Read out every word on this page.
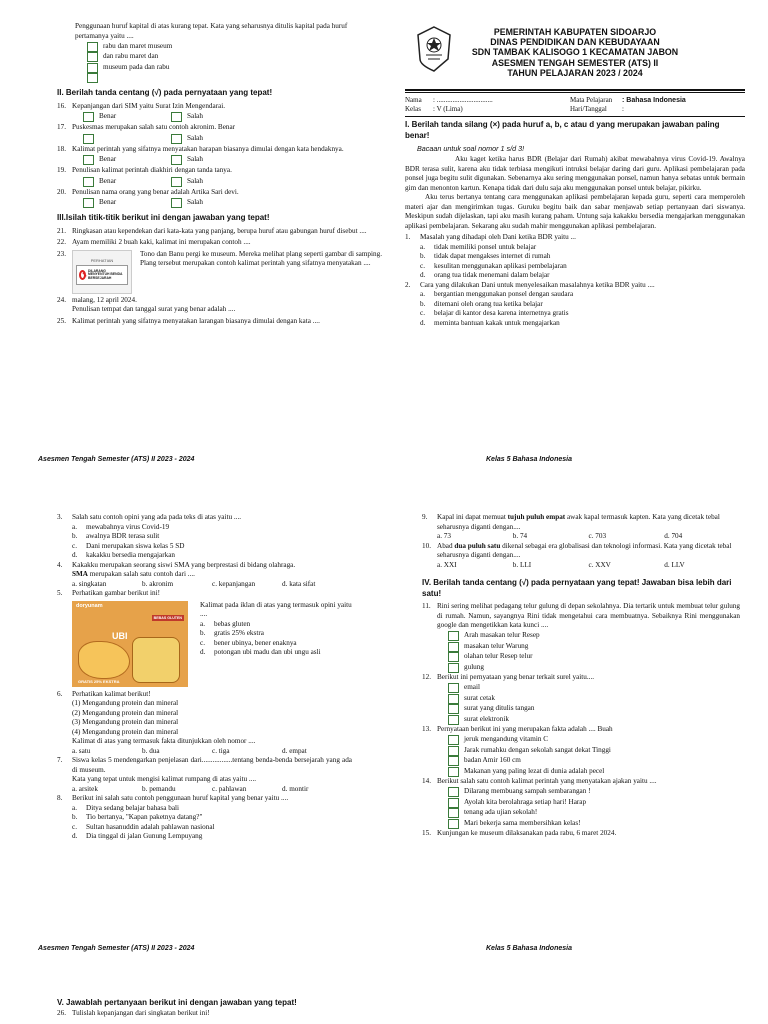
Penggunaan huruf kapital di atas kurang tepat. Kata yang seharusnya ditulis kapital pada huruf pertamanya yaitu ....

rabu dan maret museum
dan rabu maret dan
museum pada dan rabu
II. Berilah tanda centang (√) pada pernyataan yang tepat!
16. Kepanjangan dari SIM yaitu Surat Izin Mengendarai.
Benar	Salah
17. Puskesmas merupakan salah satu contoh akronim. Benar
Salah
18. Kalimat perintah yang sifatnya menyatakan harapan biasanya dimulai dengan kata hendaknya.
Benar	Salah
19. Penulisan kalimat perintah diakhiri dengan tanda tanya.
Benar	Salah
20. Penulisan nama orang yang benar adalah Artika Sari devi.
Benar	Salah
III.Isilah titik-titik berikut ini dengan jawaban yang tepat!
21. Ringkasan atau kependekan dari kata-kata yang panjang, berupa huruf atau gabungan huruf disebut ....
22. Ayam memiliki 2 buah kaki, kalimat ini merupakan contoh ....
23.
PERHATIAN
DILARANG MENYENTUH BENDA BERSEJARAH
Tono dan Banu pergi ke museum. Mereka melihat plang seperti gambar di samping. Plang tersebut merupakan contoh kalimat perintah yang sifatnya menyatakan ....
24. malang, 12 april 2024.
Penulisan tempat dan tanggal surat yang benar adalah ....
25. Kalimat perintah yang sifatnya menyatakan larangan biasanya dimulai dengan kata ....
PEMERINTAH KABUPATEN SIDOARJO
DINAS PENDIDIKAN DAN KEBUDAYAAN
SDN TAMBAK KALISOGO 1 KECAMATAN JABON
ASESMEN TENGAH SEMESTER (ATS) II
TAHUN PELAJARAN 2023 / 2024
Nama	: ................................
Kelas	: V (Lima)
Mata Pelajaran	: Bahasa Indonesia
Hari/Tanggal	:
I. Berilah tanda silang (×) pada huruf a, b, c atau d yang merupakan jawaban paling benar!
Bacaan untuk soal nomor 1 s/d 3!

Aku kaget ketika harus BDR (Belajar dari Rumah) akibat mewabahnya virus Covid-19. Awalnya BDR terasa sulit, karena aku tidak terbiasa mengikuti intruksi belajar daring dari guru. Aplikasi pembelajaran pada ponsel juga begitu sulit digunakan. Sebenarnya aku sering menggunakan ponsel, namun hanya sebatas untuk bermain gim dan menonton kartun. Kenapa tidak dari dulu saja aku menggunakan ponsel untuk belajar, pikirku.

Aku terus bertanya tentang cara menggunakan aplikasi pembelajaran kepada guru, seperti cara memperoleh materi ajar dan mengirimkan tugas. Guruku begitu baik dan sabar menjawab setiap pertanyaan dari siswanya. Meskipun sudah dijelaskan, tapi aku masih kurang paham. Untung saja kakakku bersedia mengajarkan menggunakan aplikasi pembelajaran. Sekarang aku sudah mahir menggunakan aplikasi pembelajaran.

1.	Masalah yang dihadapi oleh Dani ketika BDR yaitu ...
a.	tidak memiliki ponsel untuk belajar
b.	tidak dapat mengakses internet di rumah
c.	kesulitan menggunakan aplikasi pembelajaran
d.	orang tua tidak menemani dalam belajar
2.	Cara yang dilakukan Dani untuk menyelesaikan masalahnya ketika BDR yaitu ....
a.	bergantian menggunakan ponsel dengan saudara
b.	ditemani oleh orang tua ketika belajar
c.	belajar di kantor desa karena internetnya gratis
d.	meminta bantuan kakak untuk mengajarkan
Asesmen Tengah Semester (ATS) II 2023 - 2024	Kelas 5 Bahasa Indonesia
3.	Salah satu contoh opini yang ada pada teks di atas yaitu ....
a.	mewabahnya virus Covid-19
b.	awalnya BDR terasa sulit
c.	Dani merupakan siswa kelas 5 SD
d.	kakakku bersedia mengajarkan
4.	Kakakku merupakan seorang siswi SMA yang berprestasi di bidang olahraga.
SMA merupakan salah satu contoh dari ....
a. singkatan	b. akronim	c. kepanjangan	d. kata sifat
5.	Perhatikan gambar berikut ini!
doryunam
BEBAS GLUTEN
UBI
GRATIS 25% EKSTRA
Kalimat pada iklan di atas yang termasuk opini yaitu ....
a.	bebas gluten
b.	gratis 25% ekstra
c.	bener ubinya, bener enaknya
d.	potongan ubi madu dan ubi ungu asli
6.	Perhatikan kalimat berikut!
(1) Mengandung protein dan mineral
(2) Mengandung protein dan mineral
(3) Mengandung protein dan mineral
(4) Mengandung protein dan mineral
Kalimat di atas yang termasuk fakta ditunjukkan oleh nomor ....
a. satu	b. dua	c. tiga	d. empat
7.	Siswa kelas 5 mendengarkan penjelasan dari.................tentang benda-benda bersejarah yang ada di museum.
Kata yang tepat untuk mengisi kalimat rumpang di atas yaitu ....
a. arsitek	b. pemandu	c. pahlawan	d. montir
8.	Berikut ini salah satu contoh penggunaan huruf kapital yang benar yaitu ....
a.	Ditya sedang belajar bahasa bali
b.	Tio bertanya, "Kapan paketnya datang?"
c.	Sultan hasanuddin adalah pahlawan nasional
d.	Dia tinggal di jalan Gunung Lempuyang
9.	Kapal ini dapat memuat tujuh puluh empat awak kapal termasuk kapten. Kata yang dicetak tebal seharusnya diganti dengan....
a. 73	b. 74	c. 703	d. 704
10. Abad dua puluh satu dikenal sebagai era globalisasi dan teknologi informasi. Kata yang dicetak tebal seharusnya diganti dengan....
a. XXI	b. LLI	c. XXV	d. LLV
IV. Berilah tanda centang (√) pada pernyataan yang tepat! Jawaban bisa lebih dari satu!
11. Rini sering melihat pedagang telur gulung di depan sekolahnya. Dia tertarik untuk membuat telur gulung di rumah. Namun, sayangnya Rini tidak mengetahui cara membuatnya. Sebaiknya Rini menggunakan google dan mengetikkan kata kunci ....
Arah masakan telur Resep
masakan telur Warung
olahan telur Resep telur
gulung
12. Berikut ini pernyataan yang benar terkait surel yaitu....
email
surat cetak
surat yang ditulis tangan
surat elektronik
13. Pernyataan berikut ini yang merupakan fakta adalah .... Buah
jeruk mengandung vitamin C
Jarak rumahku dengan sekolah sangat dekat Tinggi
badan Amir 160 cm
Makanan yang paling lezat di dunia adalah pecel
14. Berikut salah satu contoh kalimat perintah yang menyatakan ajakan yaitu ....
Dilarang membuang sampah sembarangan !
Ayolah kita berolahraga setiap hari! Harap
tenang ada ujian sekolah!
Mari bekerja sama membersihkan kelas!
15. Kunjungan ke museum dilaksanakan pada rabu, 6 maret 2024.
Asesmen Tengah Semester (ATS) II 2023 - 2024	Kelas 5 Bahasa Indonesia
V. Jawablah pertanyaan berikut ini dengan jawaban yang tepat!
26. Tulislah kepanjangan dari singkatan berikut ini!
